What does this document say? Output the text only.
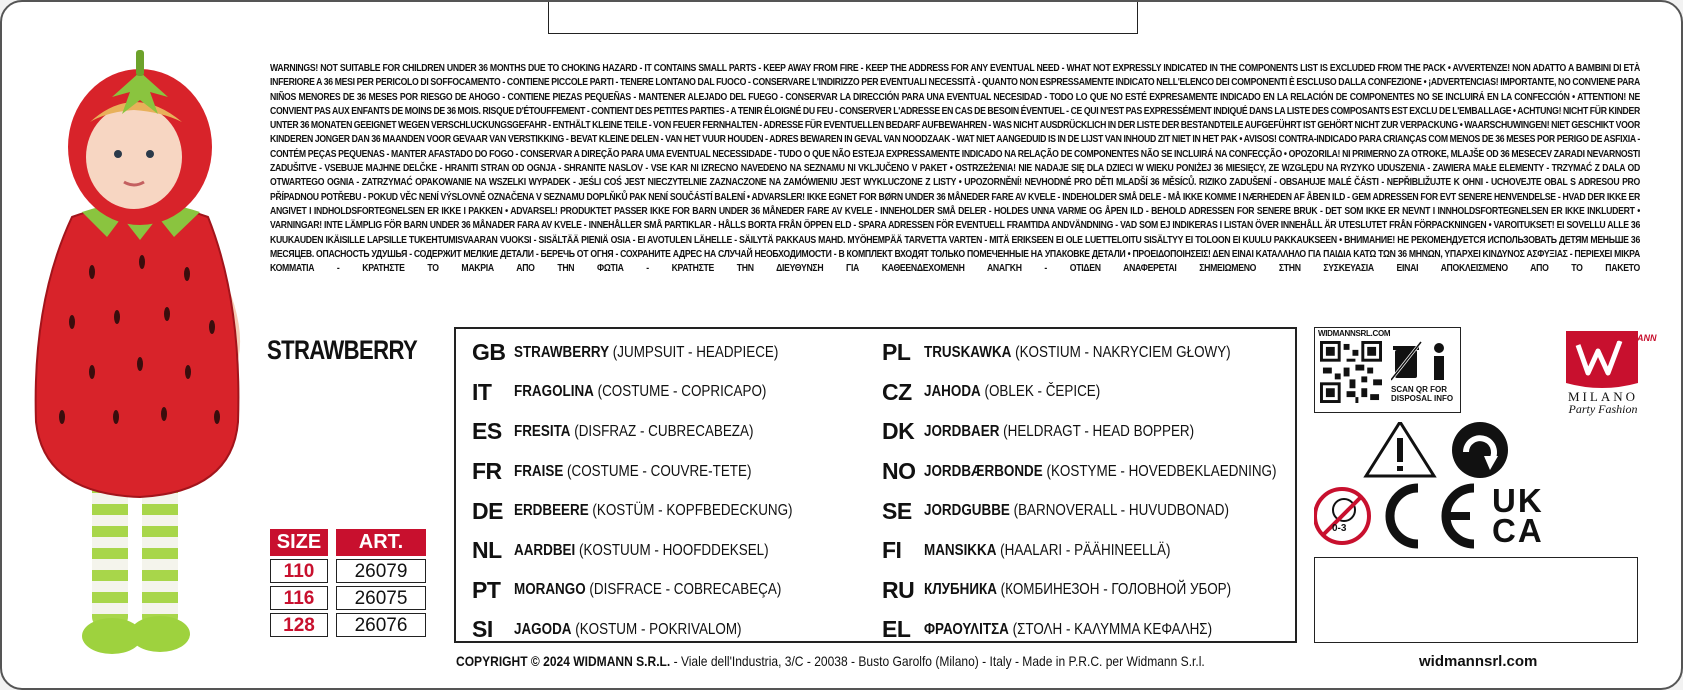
WARNINGS! NOT SUITABLE FOR CHILDREN UNDER 36 MONTHS DUE TO CHOKING HAZARD - IT CONTAINS SMALL PARTS - KEEP AWAY FROM FIRE - KEEP THE ADDRESS FOR ANY EVENTUAL NEED - WHAT NOT EXPRESSLY INDICATED IN THE COMPONENTS LIST IS EXCLUDED FROM THE PACK • AVVERTENZE! NON ADATTO A BAMBINI DI ETÀ INFERIORE A 36 MESI PER PERICOLO DI SOFFOCAMENTO - CONTIENE PICCOLE PARTI - TENERE LONTANO DAL FUOCO - CONSERVARE L'INDIRIZZO PER EVENTUALI NECESSITÀ - QUANTO NON ESPRESSAMENTE INDICATO NELL'ELENCO DEI COMPONENTI È ESCLUSO DALLA CONFEZIONE • ¡ADVERTENCIAS! IMPORTANTE, NO CONVIENE PARA NIÑOS MENORES DE 36 MESES POR RIESGO DE AHOGO - CONTIENE PIEZAS PEQUEÑAS - MANTENER ALEJADO DEL FUEGO - CONSERVAR LA DIRECCIÓN PARA UNA EVENTUAL NECESIDAD - TODO LO QUE NO ESTÉ EXPRESAMENTE INDICADO EN LA RELACIÓN DE COMPONENTES NO SE INCLUIRÁ EN LA CONFECCIÓN • ATTENTION! NE CONVIENT PAS AUX ENFANTS DE MOINS DE 36 MOIS. RISQUE D'ÉTOUFFEMENT - CONTIENT DES PETITES PARTIES - A TENIR ÉLOIGNÉ DU FEU - CONSERVER L'ADRESSE EN CAS DE BESOIN ÉVENTUEL - CE QUI N'EST PAS EXPRESSÉMENT INDIQUÉ DANS LA LISTE DES COMPOSANTS EST EXCLU DE L'EMBALLAGE • ACHTUNG! NICHT FÜR KINDER UNTER 36 MONATEN GEEIGNET WEGEN VERSCHLUCKUNGSGEFAHR - ENTHÄLT KLEINE TEILE - VON FEUER FERNHALTEN - ADRESSE FÜR EVENTUELLEN BEDARF AUFBEWAHREN - WAS NICHT AUSDRÜCKLICH IN DER LISTE DER BESTANDTEILE AUFGEFÜHRT IST GEHÖRT NICHT ZUR VERPACKUNG • WAARSCHUWINGEN! NIET GESCHIKT VOOR KINDEREN JONGER DAN 36 MAANDEN VOOR GEVAAR VAN VERSTIKKING - BEVAT KLEINE DELEN - VAN HET VUUR HOUDEN - ADRES BEWAREN IN GEVAL VAN NOODZAAK - WAT NIET AANGEDUID IS IN DE LIJST VAN INHOUD ZIT NIET IN HET PAK • AVISOS! CONTRA-INDICADO PARA CRIANÇAS COM MENOS DE 36 MESES POR PERIGO DE ASFIXIA - CONTÉM PEÇAS PEQUENAS - MANTER AFASTADO DO FOGO - CONSERVAR A DIREÇÃO PARA UMA EVENTUAL NECESSIDADE - TUDO O QUE NÃO ESTEJA EXPRESSAMENTE INDICADO NA RELAÇÃO DE COMPONENTES NÃO SE INCLUIRÁ NA CONFECÇÃO • OPOZORILA! NI PRIMERNO ZA OTROKE, MLAJŠE OD 36 MESECEV ZARADI NEVARNOSTI ZADUŠITVE - VSEBUJE MAJHNE DELČKE - HRANITI STRAN OD OGNJA - SHRANITE NASLOV - VSE KAR NI IZRECNO NAVEDENO NA SEZNAMU NI VKLJUČENO V PAKET • OSTRZEŻENIA! NIE NADAJE SIĘ DLA DZIECI W WIEKU PONIŻEJ 36 MIESIĘCY, ZE WZGLĘDU NA RYZYKO UDUSZENIA - ZAWIERA MAŁE ELEMENTY - TRZYMAĆ Z DALA OD OTWARTEGO OGNIA - ZATRZYMAĆ OPAKOWANIE NA WSZELKI WYPADEK - JEŚLI COŚ JEST NIECZYTELNIE ZAZNACZONE NA ZAMÓWIENIU JEST WYKLUCZONE Z LISTY • UPOZORNĚNÍ! NEVHODNÉ PRO DĚTI MLADŠÍ 36 MĚSÍCŮ. RIZIKO ZADUŠENÍ - OBSAHUJE MALÉ ČÁSTI - NEPŘIBLIŽUJTE K OHNI - UCHOVEJTE OBAL S ADRESOU PRO PŘÍPADNOU POTŘEBU - POKUD VĚC NENÍ VÝSLOVNĚ OZNAČENA V SEZNAMU DOPLŇKŮ PAK NENÍ SOUČÁSTÍ BALENÍ • ADVARSLER! IKKE EGNET FOR BØRN UNDER 36 MÅNEDER FARE AV KVELE - INDEHOLDER SMÅ DELE - MÅ IKKE KOMME I NÆRHEDEN AF ÅBEN ILD - GEM ADRESSEN FOR EVT SENERE HENVENDELSE - HVAD DER IKKE ER ANGIVET I INDHOLDSFORTEGNELSEN ER IKKE I PAKKEN • ADVARSEL! PRODUKTET PASSER IKKE FOR BARN UNDER 36 MÅNEDER FARE AV KVELE - INNEHOLDER SMÅ DELER - HOLDES UNNA VARME OG ÅPEN ILD - BEHOLD ADRESSEN FOR SENERE BRUK - DET SOM IKKE ER NEVNT I INNHOLDSFORTEGNELSEN ER IKKE INKLUDERT • VARNINGAR! INTE LÄMPLIG FÖR BARN UNDER 36 MÅNADER FARA AV KVELE - INNEHÅLLER SMÅ PARTIKLAR - HÅLLS BORTA FRÅN ÖPPEN ELD - SPARA ADRESSEN FÖR EVENTUELL FRAMTIDA ANDVÄNDNING - VAD SOM EJ INDIKERAS I LISTAN ÖVER INNEHÅLL ÄR UTESLUTET FRÅN FÖRPACKNINGEN • VAROITUKSET! EI SOVELLU ALLE 36 KUUKAUDEN IKÄISILLE LAPSILLE TUKEHTUMISVAARAN VUOKSI - SISÄLTÄÄ PIENIÄ OSIA - EI AVOTULEN LÄHELLE - SÄILYTÄ PAKKAUS MAHD. MYÖHEMPÄÄ TARVETTA VARTEN - MITÄ ERIKSEEN EI OLE LUETTELOITU SISÄLTYY EI TOLOON EI KUULU PAKKAUKSEEN • ВНИМАНИЕ! НЕ РЕКОМЕНДУЕТСЯ ИСПОЛЬЗОВАТЬ ДЕТЯМ МЕНЬШЕ 36 МЕСЯЦЕВ. ОПАСНОСТЬ УДУШЬЯ - СОДЕРЖИТ МЕЛКИЕ ДЕТАЛИ - БЕРЕЧЬ ОТ ОГНЯ - СОХРАНИТЕ АДРЕС НА СЛУЧАЙ НЕОБХОДИМОСТИ - В КОМПЛЕКТ ВХОДЯТ ТОЛЬКО ПОМЕЧЕННЫЕ НА УПАКОВКЕ ДЕТАЛИ • ΠΡΟΕΙΔΟΠΟΙΗΣΕΙΣ! ΔΕΝ ΕΙΝΑΙ ΚΑΤΑΛΛΗΛΟ ΓΙΑ ΠΑΙΔΙΑ ΚΑΤΩ ΤΩΝ 36 ΜΗΝΩΝ, ΥΠΑΡΧΕΙ ΚΙΝΔΥΝΟΣ ΑΣΦΥΞΙΑΣ - ΠΕΡΙΕΧΕΙ ΜΙΚΡΑ ΚΟΜΜΑΤΙΑ - ΚΡΑΤΗΣΤΕ ΤΟ ΜΑΚΡΙΑ ΑΠΟ ΤΗΝ ΦΩΤΙΑ - ΚΡΑΤΗΣΤΕ ΤΗΝ ΔΙΕΥΘΥΝΣΗ ΓΙΑ ΚΑΘΕΕΝΔΕΧΟΜΕΝΗ ΑΝΑΓΚΗ - ΟΤΙΔΕΝ ΑΝΑΦΕΡΕΤΑΙ ΣΗΜΕΙΩΜΕΝΟ ΣΤΗΝ ΣΥΣΚΕΥΑΣΙΑ ΕΙΝΑΙ ΑΠΟΚΛΕΙΣΜΕΝΟ ΑΠΟ ΤΟ ΠΑΚΕΤΟ
STRAWBERRY
SIZE	ART.
110	26079
116	26075
128	26076
GB STRAWBERRY (JUMPSUIT - HEADPIECE)
IT	FRAGOLINA (COSTUME - COPRICAPO)
ES FRESITA (DISFRAZ - CUBRECABEZA)
FR FRAISE (COSTUME - COUVRE-TETE)
DE ERDBEERE (KOSTÜM - KOPFBEDECKUNG)
NL AARDBEI (KOSTUUM - HOOFDDEKSEL)
PT MORANGO (DISFRACE - COBRECABEÇA)
SI	JAGODA (KOSTUM - POKRIVALOM)
PL TRUSKAWKA (KOSTIUM - NAKRYCIEM GŁOWY)
CZ JAHODA (OBLEK - ČEPICE)
DK JORDBAER (HELDRAGT - HEAD BOPPER)
NO JORDBÆRBONDE (KOSTYME - HOVEDBEKLAEDNING)
SE JORDGUBBE (BARNOVERALL - HUVUDBONAD)
FI	MANSIKKA (HAALARI - PÄÄHINEELLÄ)
RU КЛУБНИКА (КОМБИНЕЗОН - ГОЛОВНОЙ УБОР)
EL ΦΡΑΟΥΛΙΤΣΑ (ΣΤΟΛΗ - ΚΑΛΥΜΜΑ ΚΕΦΑΛΗΣ)
WIDMANNSRL.COM
SCAN QR FOR
DISPOSAL INFO
WIDMANN
MILANO
Party Fashion
0-3
UK
CA
COPYRIGHT © 2024 WIDMANN S.R.L. - Viale dell'Industria, 3/C - 20038 - Busto Garolfo (Milano) - Italy - Made in P.R.C. per Widmann S.r.l.	widmannsrl.com
